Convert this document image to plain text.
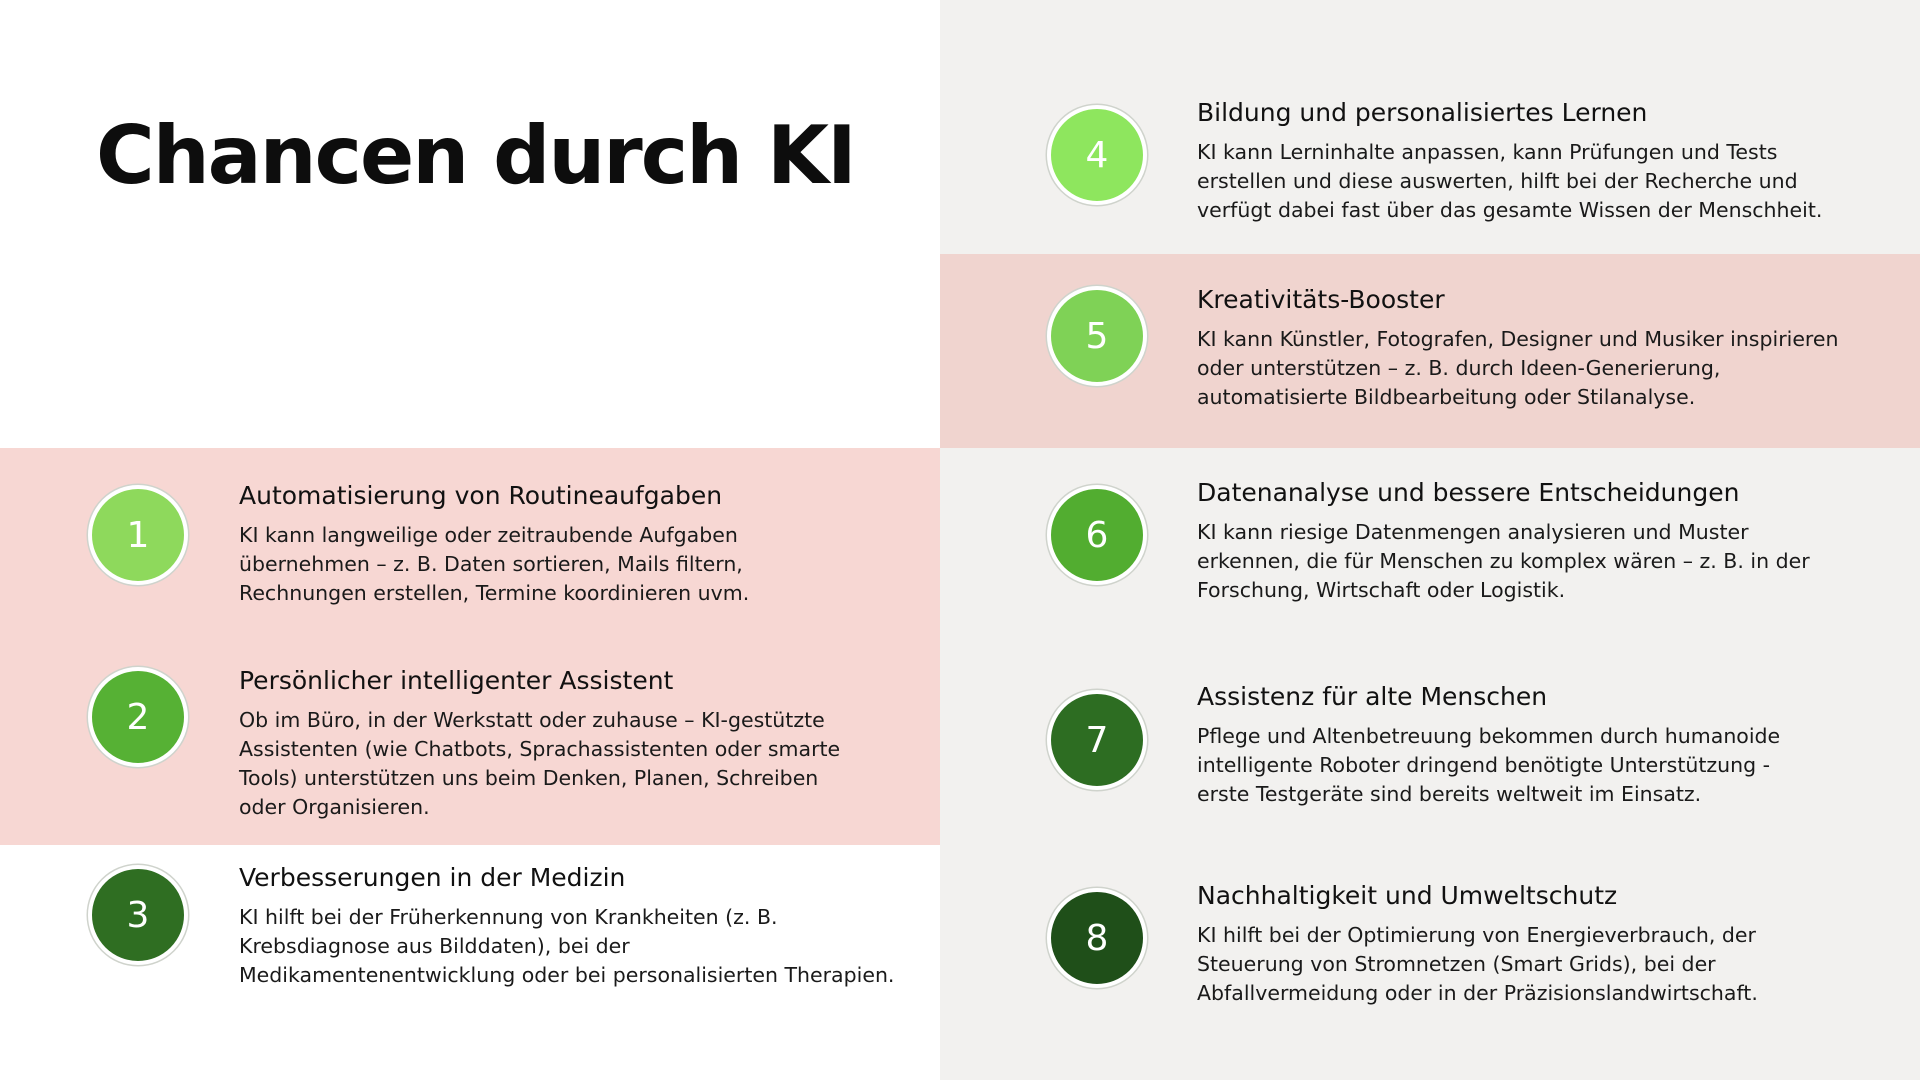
Chancen durch KI
1
Automatisierung von Routineaufgaben

KI kann langweilige oder zeitraubende Aufgaben
übernehmen – z. B. Daten sortieren, Mails filtern,
Rechnungen erstellen, Termine koordinieren uvm.

2
Persönlicher intelligenter Assistent

Ob im Büro, in der Werkstatt oder zuhause – KI-gestützte
Assistenten (wie Chatbots, Sprachassistenten oder smarte
Tools) unterstützen uns beim Denken, Planen, Schreiben
oder Organisieren.

3
Verbesserungen in der Medizin

KI hilft bei der Früherkennung von Krankheiten (z. B.
Krebsdiagnose aus Bilddaten), bei der
Medikamentenentwicklung oder bei personalisierten Therapien.

4
Bildung und personalisiertes Lernen

KI kann Lerninhalte anpassen, kann Prüfungen und Tests
erstellen und diese auswerten, hilft bei der Recherche und
verfügt dabei fast über das gesamte Wissen der Menschheit.

5
Kreativitäts-Booster

KI kann Künstler, Fotografen, Designer und Musiker inspirieren
oder unterstützen – z. B. durch Ideen-Generierung,
automatisierte Bildbearbeitung oder Stilanalyse.

6
Datenanalyse und bessere Entscheidungen

KI kann riesige Datenmengen analysieren und Muster
erkennen, die für Menschen zu komplex wären – z. B. in der
Forschung, Wirtschaft oder Logistik.

7
Assistenz für alte Menschen

Pflege und Altenbetreuung bekommen durch humanoide
intelligente Roboter dringend benötigte Unterstützung -
erste Testgeräte sind bereits weltweit im Einsatz.

8
Nachhaltigkeit und Umweltschutz

KI hilft bei der Optimierung von Energieverbrauch, der
Steuerung von Stromnetzen (Smart Grids), bei der
Abfallvermeidung oder in der Präzisionslandwirtschaft.
